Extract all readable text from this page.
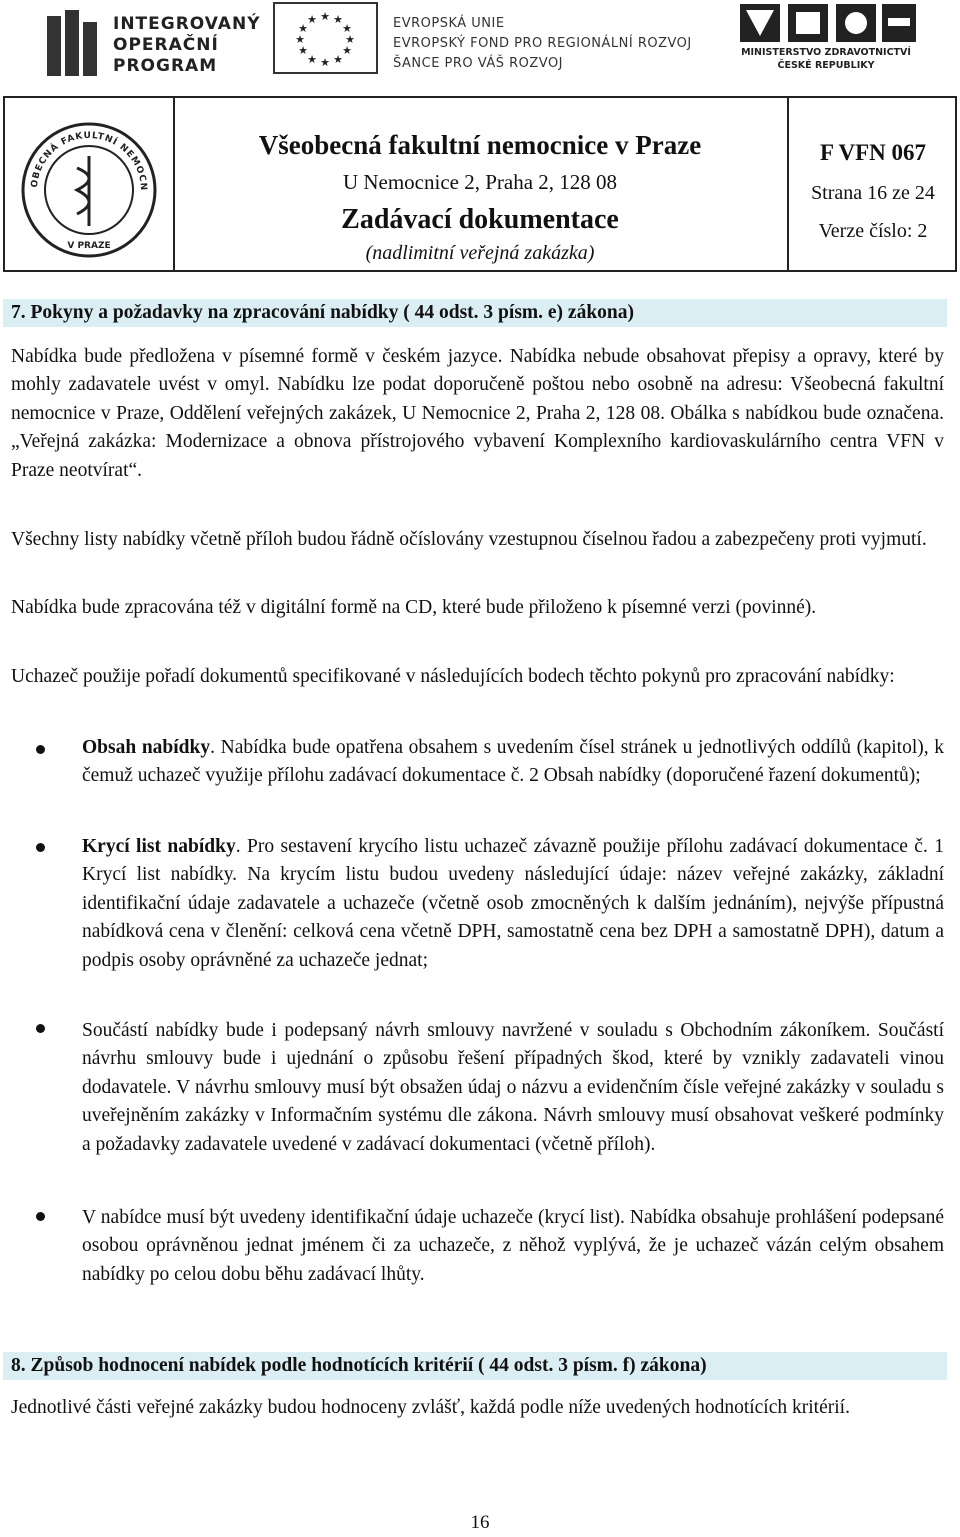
INTEGROVANÝ
OPERAČNÍ
PROGRAM
★ ★
★
★
★
★
★
★
★
★
★
★	EVROPSKÁ UNIE
EVROPSKÝ FOND PRO REGIONÁLNÍ ROZVOJ
ŠANCE PRO VÁŠ ROZVOJ
MINISTERSTVO ZDRAVOTNICTVÍ
ČESKÉ REPUBLIKY
OBECNÁ FAKULTNÍ NEMOCN
V PRAZE
Všeobecná fakultní nemocnice v Praze
U Nemocnice 2, Praha 2, 128 08
Zadávací dokumentace
(nadlimitní veřejná zakázka)
F VFN 067
Strana 16 ze 24
Verze číslo: 2
7. Pokyny a požadavky na zpracování nabídky ( 44 odst. 3 písm. e) zákona)
Nabídka bude předložena v písemné formě v českém jazyce. Nabídka nebude obsahovat přepisy a opravy, které by mohly zadavatele uvést v omyl. Nabídku lze podat doporučeně poštou nebo osobně na adresu: Všeobecná fakultní nemocnice v Praze, Oddělení veřejných zakázek, U Nemocnice 2, Praha 2, 128 08. Obálka s nabídkou bude označena. „Veřejná zakázka: Modernizace a obnova přístrojového vybavení Komplexního kardiovaskulárního centra VFN v Praze neotvírat“.
Všechny listy nabídky včetně příloh budou řádně očíslovány vzestupnou číselnou řadou a zabezpečeny proti vyjmutí.
Nabídka bude zpracována též v digitální formě na CD, které bude přiloženo k písemné verzi (povinné).
Uchazeč použije pořadí dokumentů specifikované v následujících bodech těchto pokynů pro zpracování nabídky:
Obsah nabídky. Nabídka bude opatřena obsahem s uvedením čísel stránek u jednotlivých oddílů (kapitol), k čemuž uchazeč využije přílohu zadávací dokumentace č. 2 Obsah nabídky (doporučené řazení dokumentů);
Krycí list nabídky. Pro sestavení krycího listu uchazeč závazně použije přílohu zadávací dokumentace č. 1 Krycí list nabídky. Na krycím listu budou uvedeny následující údaje: název veřejné zakázky, základní identifikační údaje zadavatele a uchazeče (včetně osob zmocněných k dalším jednáním), nejvýše přípustná nabídková cena v členění: celková cena včetně DPH, samostatně cena bez DPH a samostatně DPH), datum a podpis osoby oprávněné za uchazeče jednat;
Součástí nabídky bude i podepsaný návrh smlouvy navržené v souladu s Obchodním zákoníkem. Součástí návrhu smlouvy bude i ujednání o způsobu řešení případných škod, které by vznikly zadavateli vinou dodavatele. V návrhu smlouvy musí být obsažen údaj o názvu a evidenčním čísle veřejné zakázky v souladu s uveřejněním zakázky v Informačním systému dle zákona. Návrh smlouvy musí obsahovat veškeré podmínky a požadavky zadavatele uvedené v zadávací dokumentaci (včetně příloh).
V nabídce musí být uvedeny identifikační údaje uchazeče (krycí list). Nabídka obsahuje prohlášení podepsané osobou oprávněnou jednat jménem či za uchazeče, z něhož vyplývá, že je uchazeč vázán celým obsahem nabídky po celou dobu běhu zadávací lhůty.
8. Způsob hodnocení nabídek podle hodnotících kritérií ( 44 odst. 3 písm. f) zákona)
Jednotlivé části veřejné zakázky budou hodnoceny zvlášť, každá podle níže uvedených hodnotících kritérií.
16
